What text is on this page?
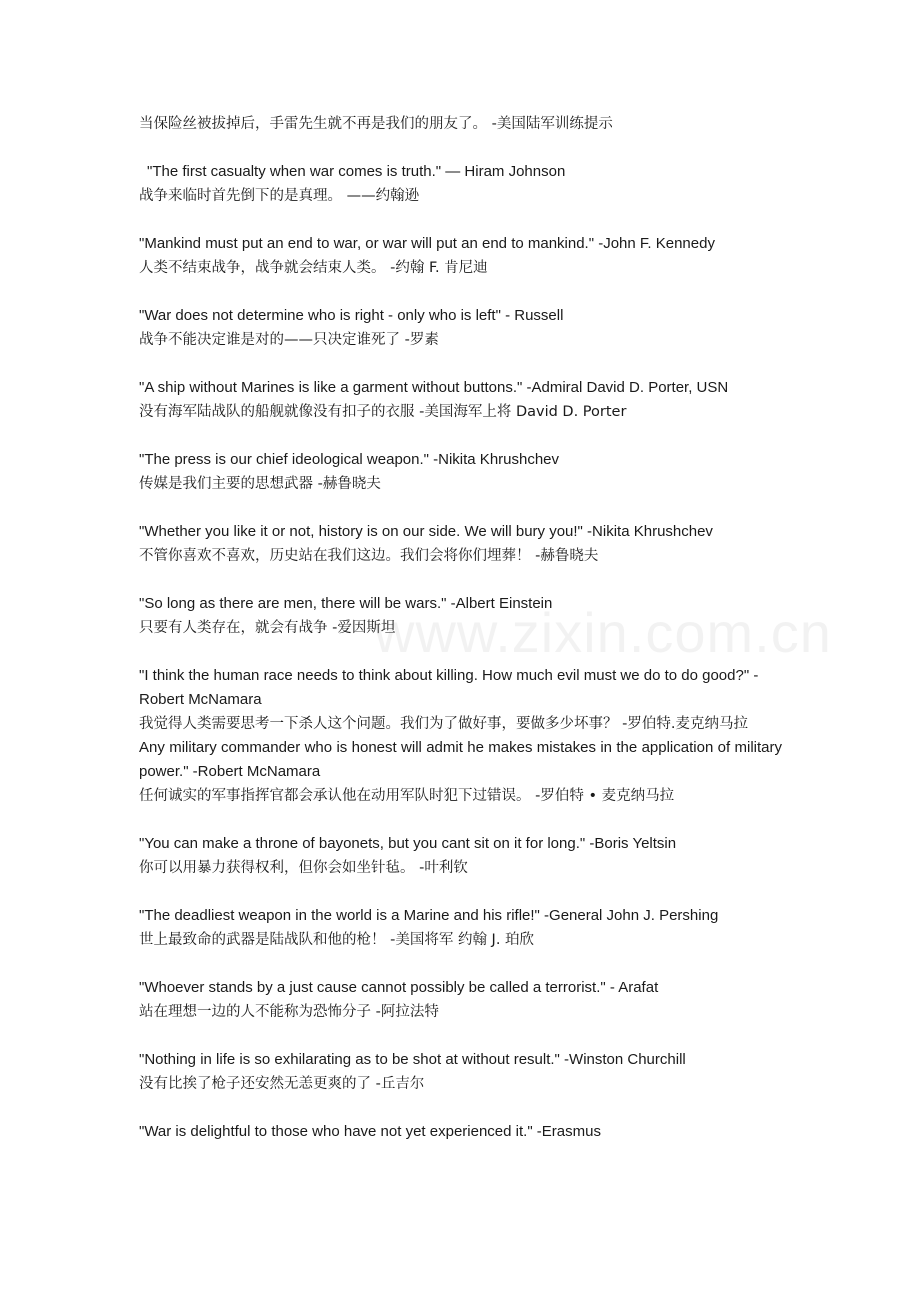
www.zixin.com.cn
当保险丝被拔掉后，手雷先生就不再是我们的朋友了。 -美国陆军训练提示
"The first casualty when war comes is truth." — Hiram Johnson
战争来临时首先倒下的是真理。 ——约翰逊
"Mankind must put an end to war, or war will put an end to mankind." -John F. Kennedy
人类不结束战争，战争就会结束人类。 -约翰 F. 肯尼迪
"War does not determine who is right - only who is left" - Russell
战争不能决定谁是对的——只决定谁死了 -罗素
"A ship without Marines is like a garment without buttons." -Admiral David D. Porter, USN
没有海军陆战队的船舰就像没有扣子的衣服 -美国海军上将 David D. Porter
"The press is our chief ideological weapon." -Nikita Khrushchev
传媒是我们主要的思想武器 -赫鲁晓夫
"Whether you like it or not, history is on our side. We will bury you!" -Nikita Khrushchev
不管你喜欢不喜欢，历史站在我们这边。我们会将你们埋葬！ -赫鲁晓夫
"So long as there are men, there will be wars." -Albert Einstein
只要有人类存在，就会有战争 -爱因斯坦
"I think the human race needs to think about killing. How much evil must we do to do good?" -Robert McNamara
我觉得人类需要思考一下杀人这个问题。我们为了做好事，要做多少坏事？ -罗伯特.麦克纳马拉
Any military commander who is honest will admit he makes mistakes in the application of military power." -Robert McNamara
任何诚实的军事指挥官都会承认他在动用军队时犯下过错误。 -罗伯特 • 麦克纳马拉
"You can make a throne of bayonets, but you cant sit on it for long." -Boris Yeltsin
你可以用暴力获得权利，但你会如坐针毡。 -叶利钦
"The deadliest weapon in the world is a Marine and his rifle!" -General John J. Pershing
世上最致命的武器是陆战队和他的枪！ -美国将军 约翰 J. 珀欣
"Whoever stands by a just cause cannot possibly be called a terrorist." - Arafat
站在理想一边的人不能称为恐怖分子 -阿拉法特
"Nothing in life is so exhilarating as to be shot at without result." -Winston Churchill
没有比挨了枪子还安然无恙更爽的了 -丘吉尔
"War is delightful to those who have not yet experienced it." -Erasmus
